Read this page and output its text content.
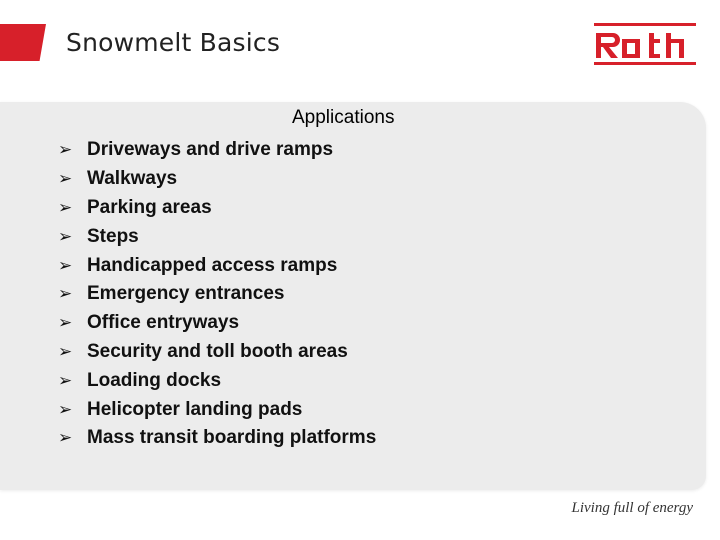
Snowmelt Basics
Applications
➢ Driveways and drive ramps
➢ Walkways
➢ Parking areas
➢ Steps
➢ Handicapped access ramps
➢ Emergency entrances
➢ Office entryways
➢ Security and toll booth areas
➢ Loading docks
➢ Helicopter landing pads
➢ Mass transit boarding platforms
Living full of energy
